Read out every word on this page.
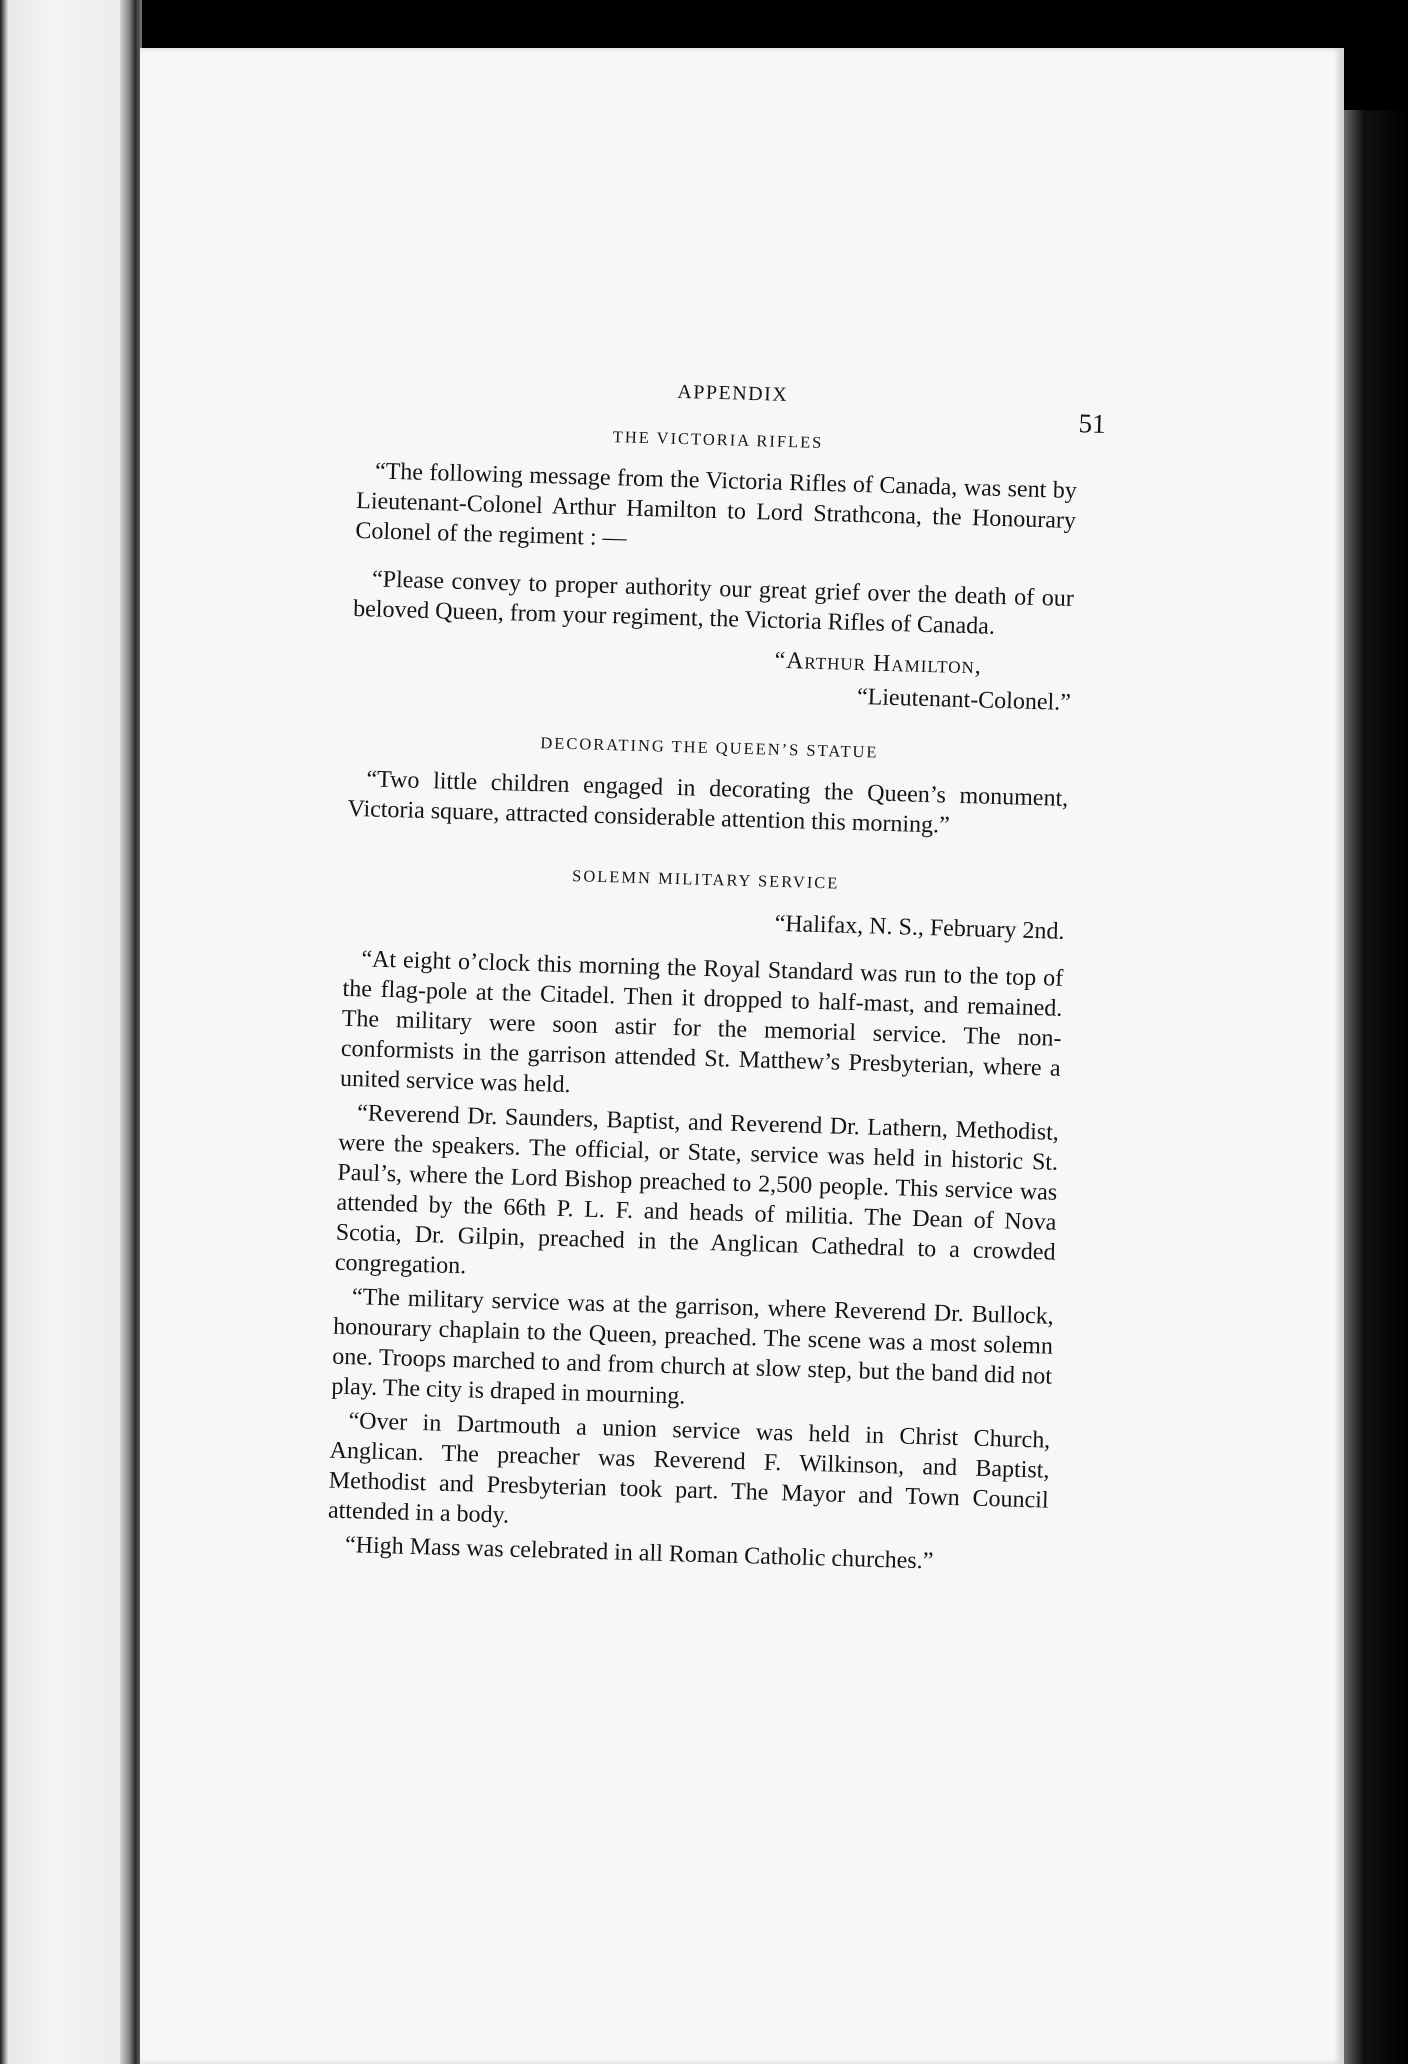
APPENDIX
51
THE VICTORIA RIFLES

“The following message from the Victoria Rifles of Canada, was sent by Lieutenant-Colonel Arthur Hamilton to Lord Strathcona, the Honourary Colonel of the regiment : —

“Please convey to proper authority our great grief over the death of our beloved Queen, from your regiment, the Victoria Rifles of Canada.

“Arthur Hamilton,
“Lieutenant-Colonel.”
DECORATING THE QUEEN’S STATUE

“Two little children engaged in decorating the Queen’s monument, Victoria square, attracted considerable attention this morning.”

SOLEMN MILITARY SERVICE
“Halifax, N. S., February 2nd.

“At eight o’clock this morning the Royal Standard was run to the top of the flag-pole at the Citadel. Then it dropped to half-mast, and remained. The military were soon astir for the memorial service. The non-conformists in the garrison attended St. Matthew’s Presbyterian, where a united service was held.

“Reverend Dr. Saunders, Baptist, and Reverend Dr. Lathern, Methodist, were the speakers. The official, or State, service was held in historic St. Paul’s, where the Lord Bishop preached to 2,500 people. This service was attended by the 66th P. L. F. and heads of militia. The Dean of Nova Scotia, Dr. Gilpin, preached in the Anglican Cathedral to a crowded congregation.

“The military service was at the garrison, where Reverend Dr. Bullock, honourary chaplain to the Queen, preached. The scene was a most solemn one. Troops marched to and from church at slow step, but the band did not play. The city is draped in mourning.

“Over in Dartmouth a union service was held in Christ Church, Anglican. The preacher was Reverend F. Wilkinson, and Baptist, Methodist and Presbyterian took part. The Mayor and Town Council attended in a body.

“High Mass was celebrated in all Roman Catholic churches.”
